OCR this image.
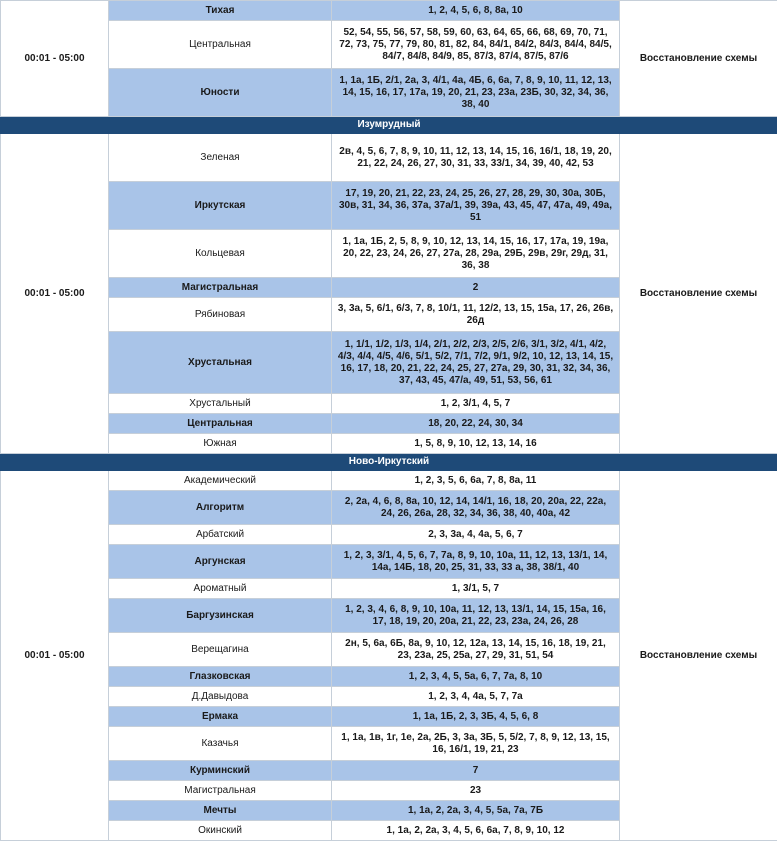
00:01 - 05:00	Тихая	1, 2, 4, 5, 6, 8, 8а, 10	Восстановление схемы
	Центральная	52, 54, 55, 56, 57, 58, 59, 60, 63, 64, 65, 66, 68, 69, 70, 71, 72, 73, 75, 77, 79, 80, 81, 82, 84, 84/1, 84/2, 84/3, 84/4, 84/5, 84/7, 84/8, 84/9, 85, 87/3, 87/4, 87/5, 87/6	
	Юности	1, 1а, 1Б, 2/1, 2а, 3, 4/1, 4а, 4Б, 6, 6а, 7, 8, 9, 10, 11, 12, 13, 14, 15, 16, 17, 17а, 19, 20, 21, 23, 23а, 23Б, 30, 32, 34, 36, 38, 40	
Изумрудный			
00:01 - 05:00	Зеленая	2в, 4, 5, 6, 7, 8, 9, 10, 11, 12, 13, 14, 15, 16, 16/1, 18, 19, 20, 21, 22, 24, 26, 27, 30, 31, 33, 33/1, 34, 39, 40, 42, 53	Восстановление схемы
	Иркутская	17, 19, 20, 21, 22, 23, 24, 25, 26, 27, 28, 29, 30, 30а, 30Б, 30в, 31, 34, 36, 37а, 37а/1, 39, 39а, 43, 45, 47, 47а, 49, 49а, 51	
	Кольцевая	1, 1а, 1Б, 2, 5, 8, 9, 10, 12, 13, 14, 15, 16, 17, 17а, 19, 19а, 20, 22, 23, 24, 26, 27, 27а, 28, 29а, 29Б, 29в, 29г, 29д, 31, 36, 38	
	Магистральная	2	
	Рябиновая	3, 3а, 5, 6/1, 6/3, 7, 8, 10/1, 11, 12/2, 13, 15, 15а, 17, 26, 26в, 26д	
	Хрустальная	1, 1/1, 1/2, 1/3, 1/4, 2/1, 2/2, 2/3, 2/5, 2/6, 3/1, 3/2, 4/1, 4/2, 4/3, 4/4, 4/5, 4/6, 5/1, 5/2, 7/1, 7/2, 9/1, 9/2, 10, 12, 13, 14, 15, 16, 17, 18, 20, 21, 22, 24, 25, 27, 27а, 29, 30, 31, 32, 34, 36, 37, 43, 45, 47/а, 49, 51, 53, 56, 61	
	Хрустальный	1, 2, 3/1, 4, 5, 7	
	Центральная	18, 20, 22, 24, 30, 34	
	Южная	1, 5, 8, 9, 10, 12, 13, 14, 16	
Ново-Иркутский			
00:01 - 05:00	Академический	1, 2, 3, 5, 6, 6а, 7, 8, 8а, 11	Восстановление схемы
	Алгоритм	2, 2а, 4, 6, 8, 8а, 10, 12, 14, 14/1, 16, 18, 20, 20а, 22, 22а, 24, 26, 26а, 28, 32, 34, 36, 38, 40, 40а, 42	
	Арбатский	2, 3, 3а, 4, 4а, 5, 6, 7	
	Аргунская	1, 2, 3, 3/1, 4, 5, 6, 7, 7а, 8, 9, 10, 10а, 11, 12, 13, 13/1, 14, 14а, 14Б, 18, 20, 25, 31, 33, 33 а, 38, 38/1, 40	
	Ароматный	1, 3/1, 5, 7	
	Баргузинская	1, 2, 3, 4, 6, 8, 9, 10, 10а, 11, 12, 13, 13/1, 14, 15, 15а, 16, 17, 18, 19, 20, 20а, 21, 22, 23, 23а, 24, 26, 28	
	Верещагина	2н, 5, 6а, 6Б, 8а, 9, 10, 12, 12а, 13, 14, 15, 16, 18, 19, 21, 23, 23а, 25, 25а, 27, 29, 31, 51, 54	
	Глазковская	1, 2, 3, 4, 5, 5а, 6, 7, 7а, 8, 10	
	Д.Давыдова	1, 2, 3, 4, 4а, 5, 7, 7а	
	Ермака	1, 1а, 1Б, 2, 3, 3Б, 4, 5, 6, 8	
	Казачья	1, 1а, 1в, 1г, 1е, 2а, 2Б, 3, 3а, 3Б, 5, 5/2, 7, 8, 9, 12, 13, 15, 16, 16/1, 19, 21, 23	
	Курминский	7	
	Магистральная	23	
	Мечты	1, 1а, 2, 2а, 3, 4, 5, 5а, 7а, 7Б	
	Окинский	1, 1а, 2, 2а, 3, 4, 5, 6, 6а, 7, 8, 9, 10, 12	
